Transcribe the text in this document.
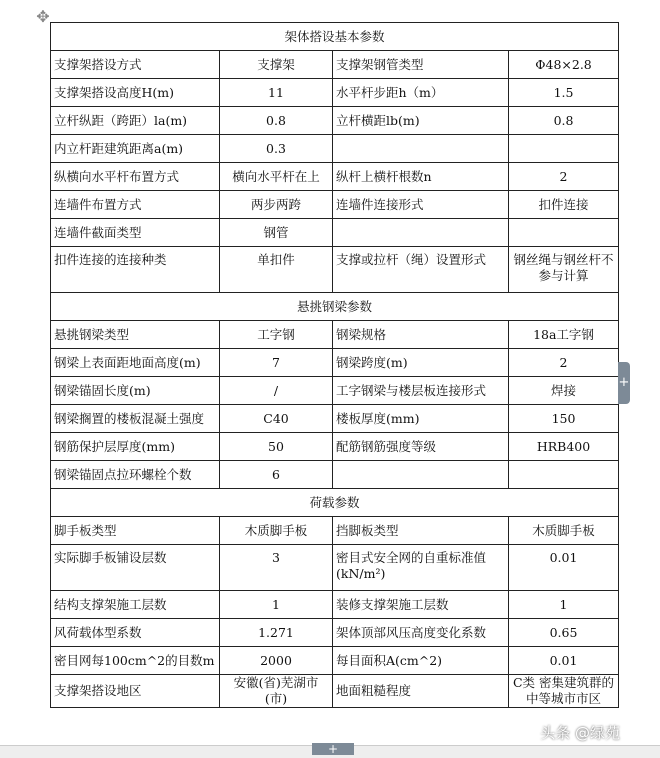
✥
架体搭设基本参数			
支撑架搭设方式	支撑架	支撑架钢管类型	Φ48×2.8
支撑架搭设高度H(m)	11	水平杆步距h（m）	1.5
立杆纵距（跨距）la(m)	0.8	立杆横距lb(m)	0.8
内立杆距建筑距离a(m)	0.3		
纵横向水平杆布置方式	横向水平杆在上	纵杆上横杆根数n	2
连墙件布置方式	两步两跨	连墙件连接形式	扣件连接
连墙件截面类型	钢管		
扣件连接的连接种类	单扣件	支撑或拉杆（绳）设置形式	钢丝绳与钢丝杆不参与计算
悬挑钢梁参数			
悬挑钢梁类型	工字钢	钢梁规格	18a工字钢
钢梁上表面距地面高度(m)	7	钢梁跨度(m)	2
钢梁锚固长度(m)	/	工字钢梁与楼层板连接形式	焊接
钢梁搁置的楼板混凝土强度	C40	楼板厚度(mm)	150
钢筋保护层厚度(mm)	50	配筋钢筋强度等级	HRB400
钢梁锚固点拉环螺栓个数	6		
荷载参数			
脚手板类型	木质脚手板	挡脚板类型	木质脚手板
实际脚手板铺设层数	3	密目式安全网的自重标准值(kN/m²)	0.01
结构支撑架施工层数	1	装修支撑架施工层数	1
风荷载体型系数	1.271	架体顶部风压高度变化系数	0.65
密目网每100cm^2的目数m	2000	每目面积A(cm^2)	0.01
支撑架搭设地区	安徽(省)芜湖市(市)	地面粗糙程度	C类 密集建筑群的中等城市市区
+
+
头条 @绿苑
